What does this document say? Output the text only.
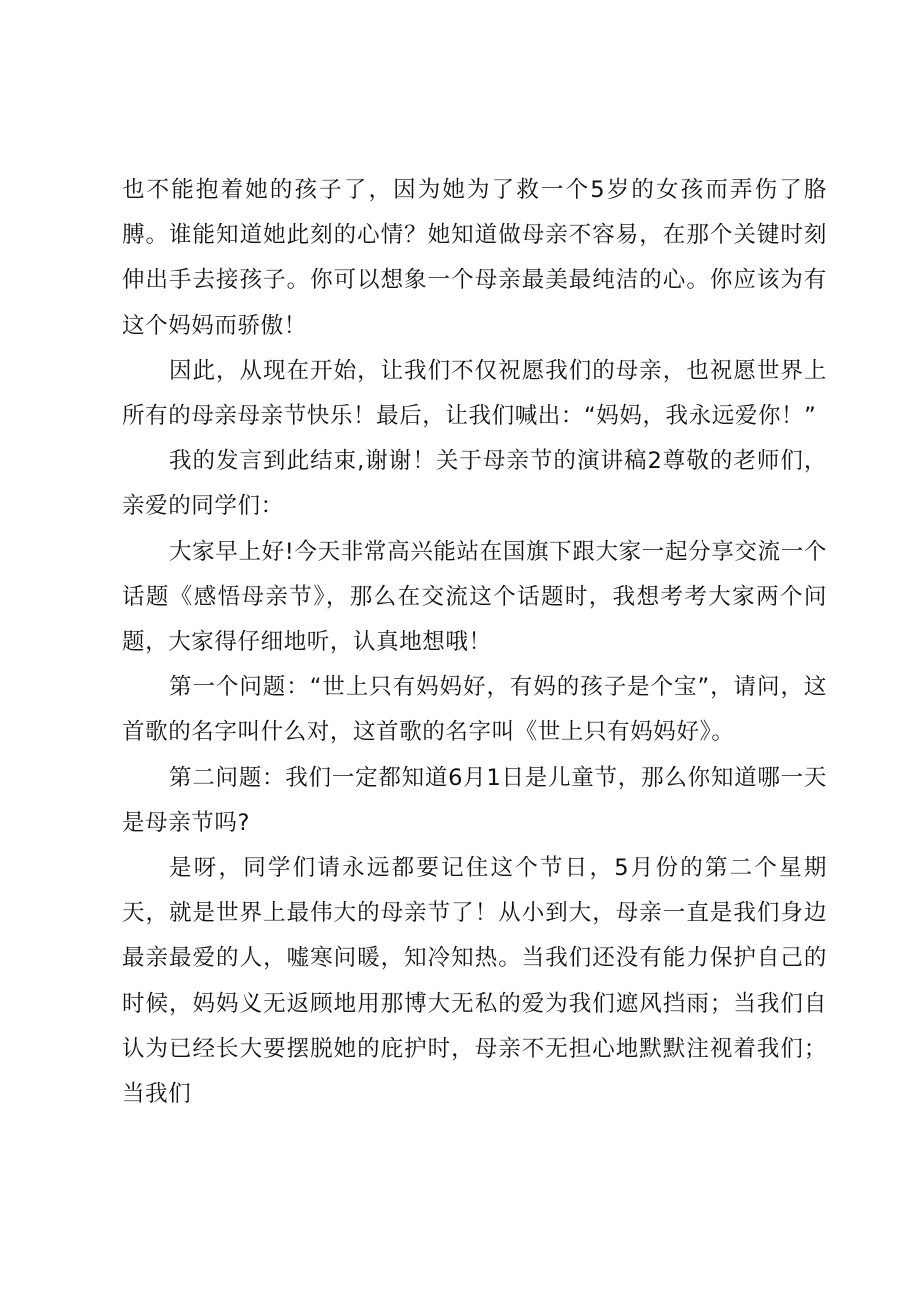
也不能抱着她的孩子了，因为她为了救一个5岁的女孩而弄伤了胳膊。谁能知道她此刻的心情？她知道做母亲不容易，在那个关键时刻伸出手去接孩子。你可以想象一个母亲最美最纯洁的心。你应该为有这个妈妈而骄傲！

因此，从现在开始，让我们不仅祝愿我们的母亲，也祝愿世界上所有的母亲母亲节快乐！最后，让我们喊出：“妈妈，我永远爱你！”

我的发言到此结束,谢谢！关于母亲节的演讲稿2尊敬的老师们，亲爱的同学们：

大家早上好!今天非常高兴能站在国旗下跟大家一起分享交流一个话题《感悟母亲节》，那么在交流这个话题时，我想考考大家两个问题，大家得仔细地听，认真地想哦！

第一个问题：“世上只有妈妈好，有妈的孩子是个宝”，请问，这首歌的名字叫什么对，这首歌的名字叫《世上只有妈妈好》。

第二问题：我们一定都知道6月1日是儿童节，那么你知道哪一天是母亲节吗?

是呀，同学们请永远都要记住这个节日，5月份的第二个星期天，就是世界上最伟大的母亲节了！从小到大，母亲一直是我们身边最亲最爱的人，嘘寒问暖，知冷知热。当我们还没有能力保护自己的时候，妈妈义无返顾地用那博大无私的爱为我们遮风挡雨；当我们自认为已经长大要摆脱她的庇护时，母亲不无担心地默默注视着我们；当我们
